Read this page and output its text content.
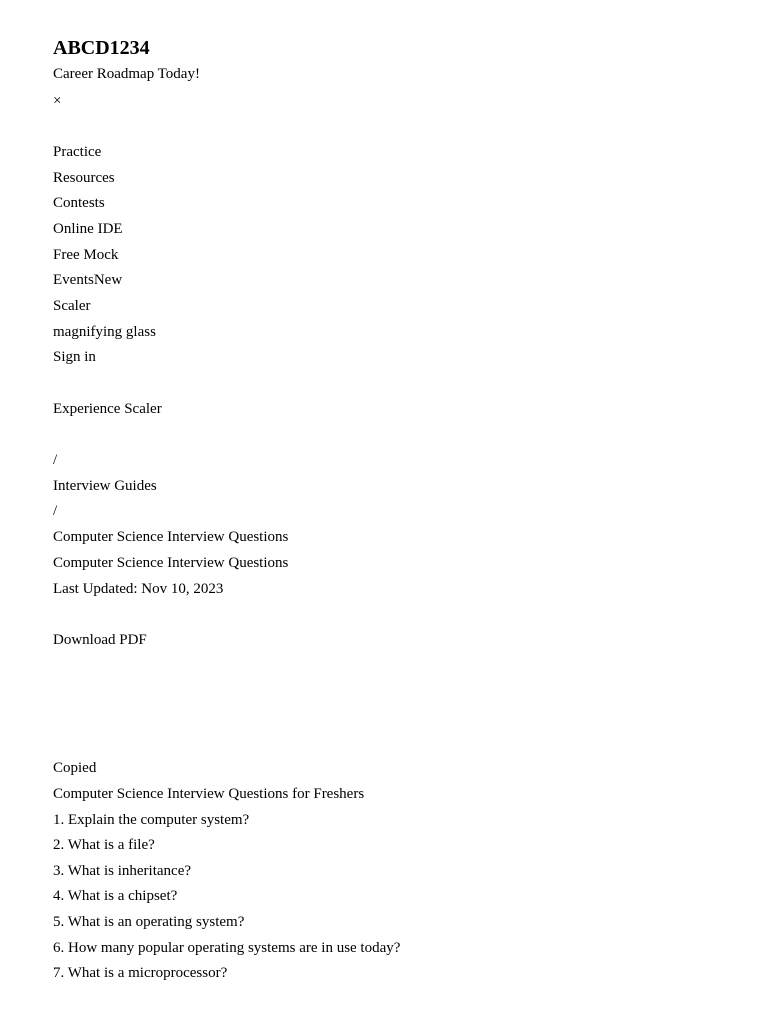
ABCD1234
Career Roadmap Today!
×
Practice
Resources
Contests
Online IDE
Free Mock
EventsNew
Scaler
magnifying glass
Sign in
Experience Scaler
/
Interview Guides
/
Computer Science Interview Questions
Computer Science Interview Questions
Last Updated: Nov 10, 2023
Download PDF
Copied
Computer Science Interview Questions for Freshers
1. Explain the computer system?
2. What is a file?
3. What is inheritance?
4. What is a chipset?
5. What is an operating system?
6. How many popular operating systems are in use today?
7. What is a microprocessor?
